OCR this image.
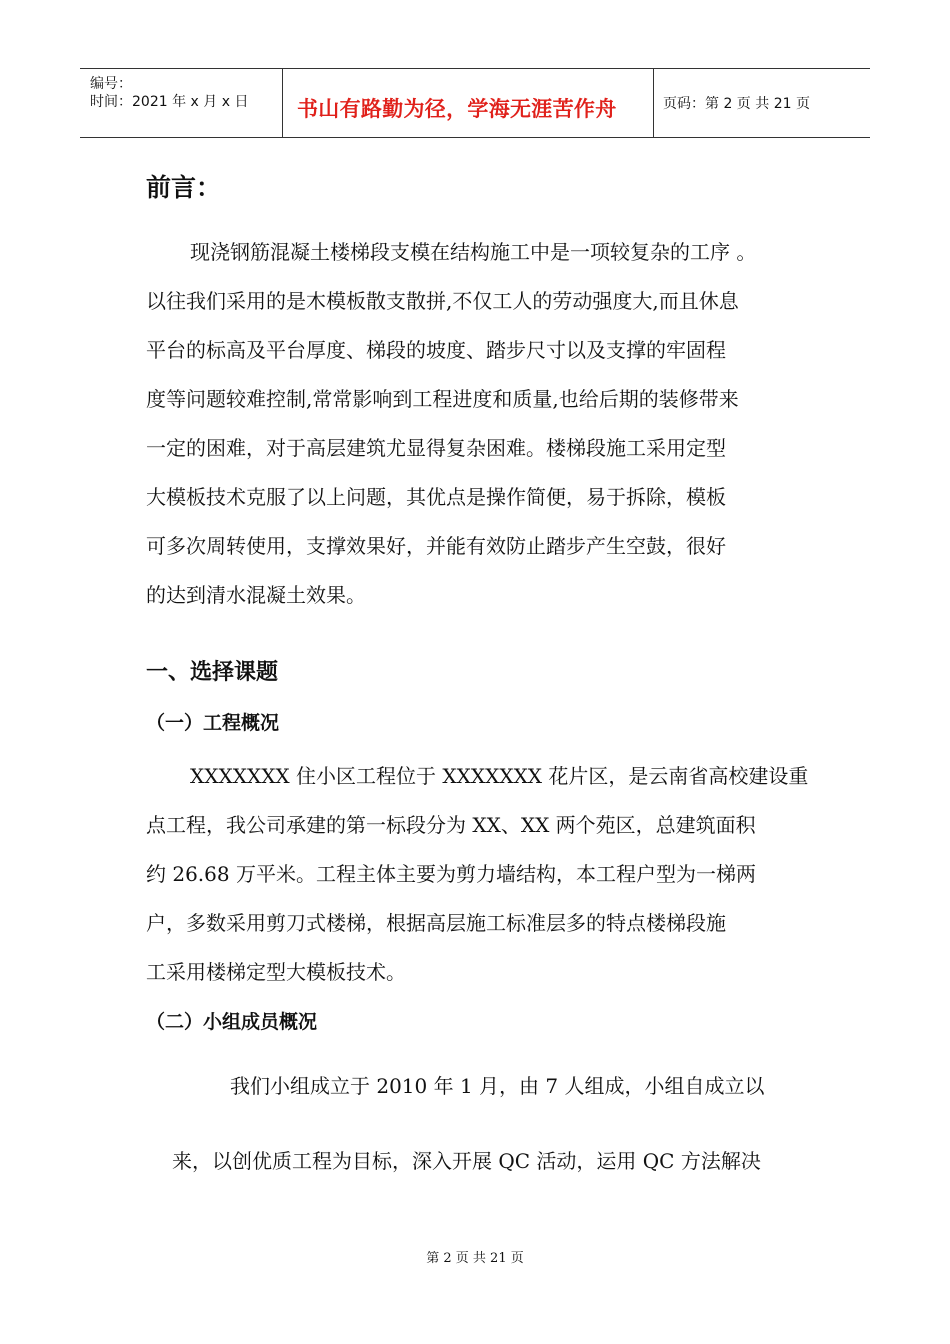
编号：
时间：2021 年 x 月 x 日 书山有路勤为径，学海无涯苦作舟	页码：第 2 页 共 21 页
前言：

现浇钢筋混凝土楼梯段支模在结构施工中是一项较复杂的工序 。

以往我们采用的是木模板散支散拼,不仅工人的劳动强度大,而且休息

平台的标高及平台厚度、梯段的坡度、踏步尺寸以及支撑的牢固程

度等问题较难控制,常常影响到工程进度和质量,也给后期的装修带来

一定的困难，对于高层建筑尤显得复杂困难。楼梯段施工采用定型

大模板技术克服了以上问题，其优点是操作简便，易于拆除，模板

可多次周转使用，支撑效果好，并能有效防止踏步产生空鼓，很好

的达到清水混凝土效果。

一、选择课题
（一）工程概况

XXXXXXX 住小区工程位于 XXXXXXX 花片区，是云南省高校建设重

点工程，我公司承建的第一标段分为 XX、XX 两个苑区，总建筑面积

约 26.68 万平米。工程主体主要为剪力墙结构，本工程户型为一梯两

户，多数采用剪刀式楼梯，根据高层施工标准层多的特点楼梯段施

工采用楼梯定型大模板技术。

（二）小组成员概况

我们小组成立于 2010 年 1 月，由 7 人组成，小组自成立以

来，以创优质工程为目标，深入开展 QC 活动，运用 QC 方法解决

第 2 页 共 21 页
